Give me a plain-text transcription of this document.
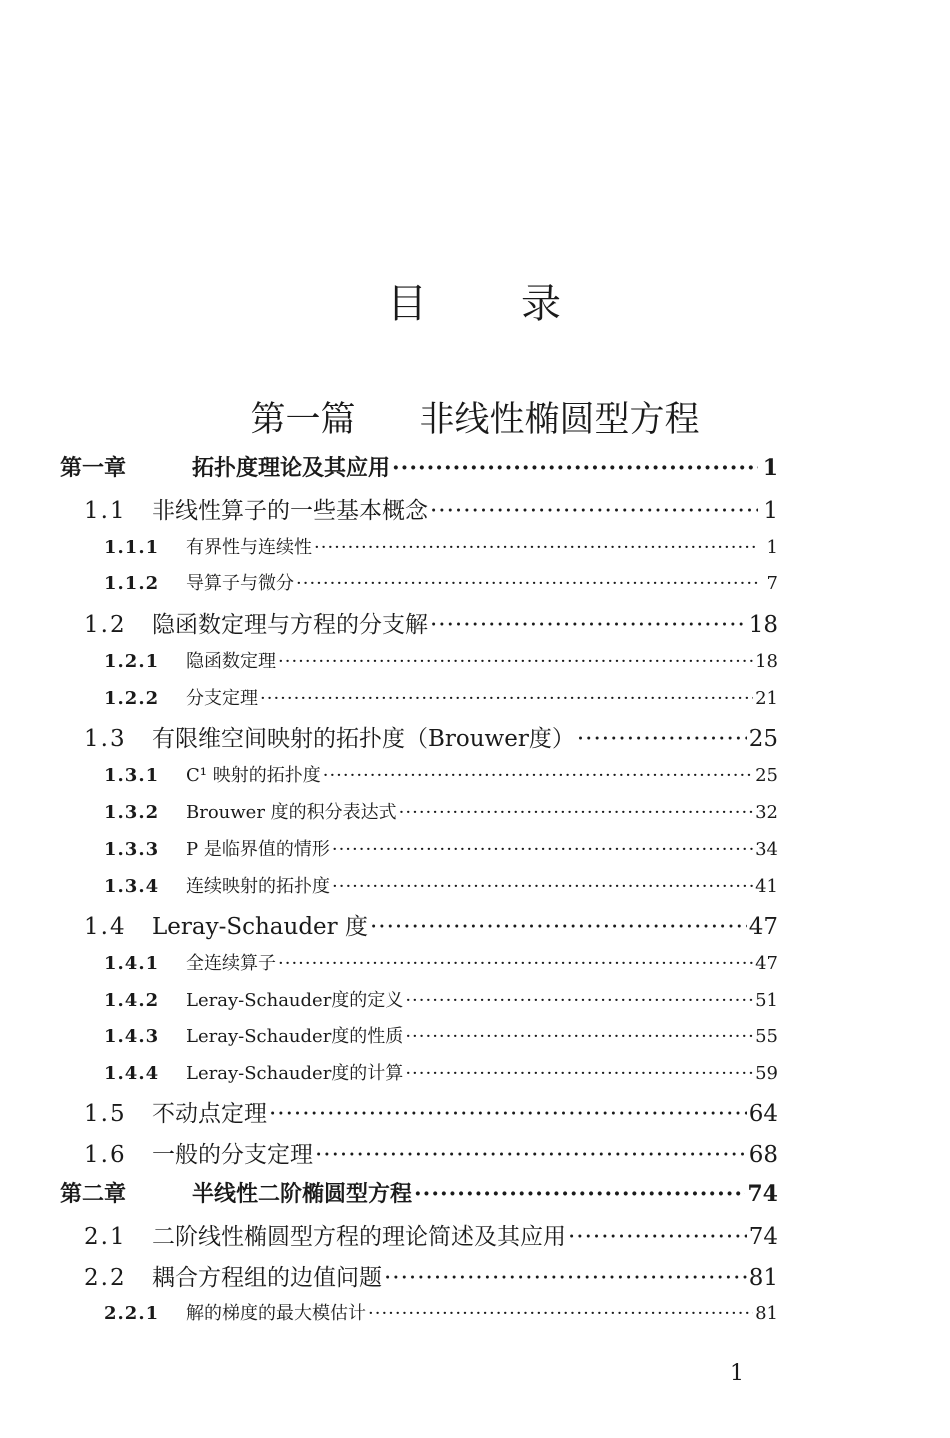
目 录
第一篇 非线性椭圆型方程
第一章	拓扑度理论及其应用 ·····	1
1.1	非线性算子的一些基本概念 ·····	1
1.1.1	有界性与连续性 ·····	1
1.1.2	导算子与微分 ·····	7
1.2	隐函数定理与方程的分支解 ·····	18
1.2.1	隐函数定理 ·····	18
1.2.2	分支定理 ·····	21
1.3	有限维空间映射的拓扑度（Brouwer度） ·····	25
1.3.1	C¹ 映射的拓扑度 ·····	25
1.3.2	Brouwer 度的积分表达式 ·····	32
1.3.3	P 是临界值的情形 ·····	34
1.3.4	连续映射的拓扑度 ·····	41
1.4	Leray-Schauder 度 ·····	47
1.4.1	全连续算子 ·····	47
1.4.2	Leray-Schauder度的定义 ·····	51
1.4.3	Leray-Schauder度的性质 ·····	55
1.4.4	Leray-Schauder度的计算 ·····	59
1.5	不动点定理 ·····	64
1.6	一般的分支定理 ·····	68
第二章	半线性二阶椭圆型方程 ·····	74
2.1	二阶线性椭圆型方程的理论简述及其应用 ·····	74
2.2	耦合方程组的边值问题 ·····	81
2.2.1	解的梯度的最大模估计 ·····	81
1
